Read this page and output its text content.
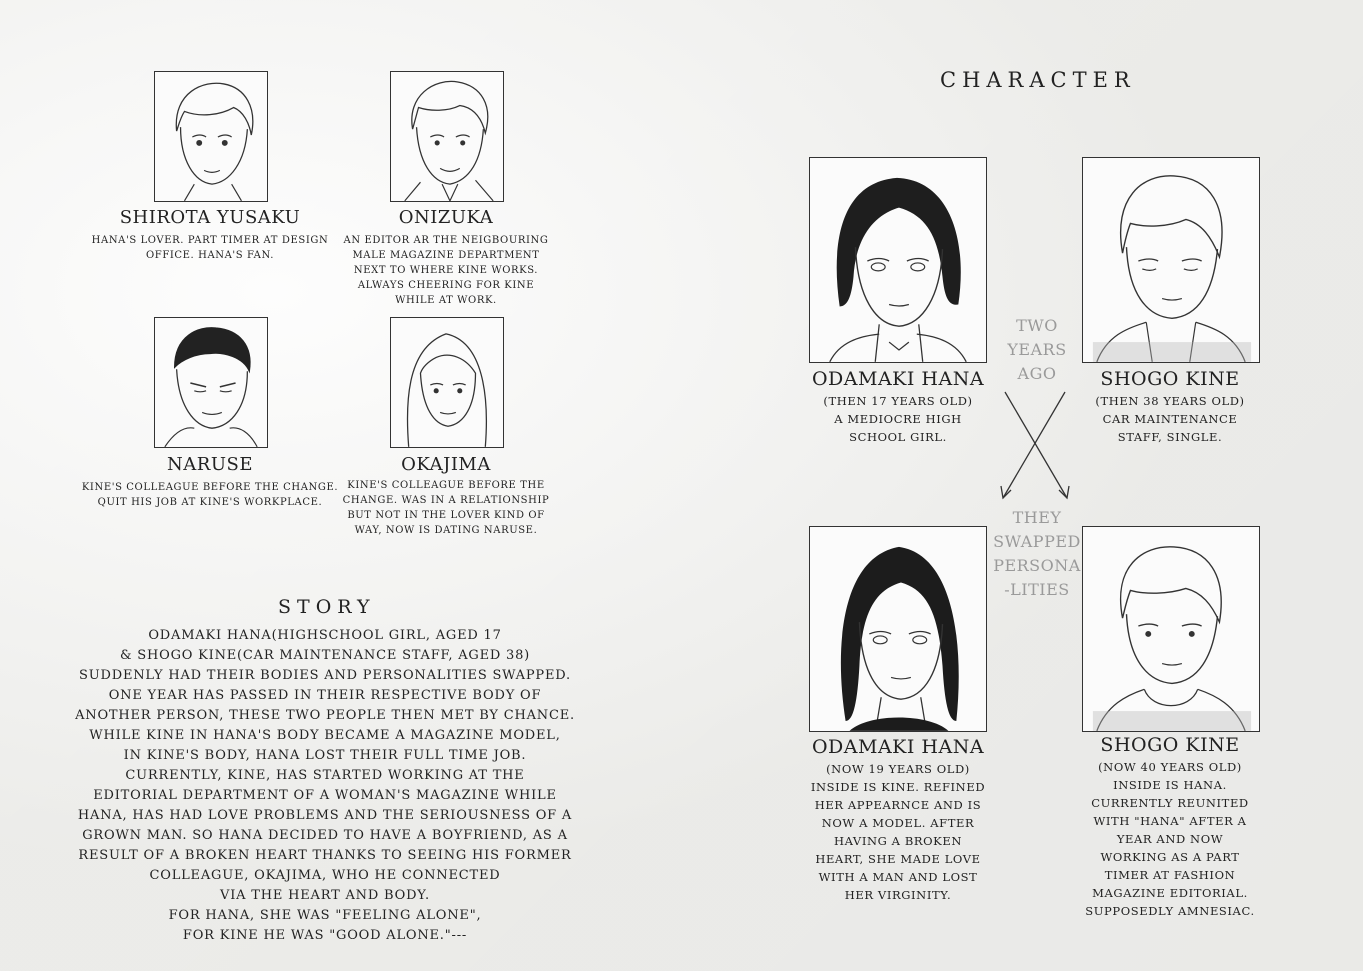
SHIROTA YUSAKU
HANA'S LOVER. PART TIMER AT DESIGN
OFFICE. HANA'S FAN.
ONIZUKA
AN EDITOR AR THE NEIGBOURING
MALE MAGAZINE DEPARTMENT
NEXT TO WHERE KINE WORKS.
ALWAYS CHEERING FOR KINE
WHILE AT WORK.
NARUSE
KINE'S COLLEAGUE BEFORE THE CHANGE.
QUIT HIS JOB AT KINE'S WORKPLACE.
OKAJIMA
KINE'S COLLEAGUE BEFORE THE
CHANGE. WAS IN A RELATIONSHIP
BUT NOT IN THE LOVER KIND OF
WAY, NOW IS DATING NARUSE.
STORY
ODAMAKI HANA(HIGHSCHOOL GIRL, AGED 17
& SHOGO KINE(CAR MAINTENANCE STAFF, AGED 38)
SUDDENLY HAD THEIR BODIES AND PERSONALITIES SWAPPED.
ONE YEAR HAS PASSED IN THEIR RESPECTIVE BODY OF
ANOTHER PERSON, THESE TWO PEOPLE THEN MET BY CHANCE.
WHILE KINE IN HANA'S BODY BECAME A MAGAZINE MODEL,
IN KINE'S BODY, HANA LOST THEIR FULL TIME JOB.
CURRENTLY, KINE, HAS STARTED WORKING AT THE
EDITORIAL DEPARTMENT OF A WOMAN'S MAGAZINE WHILE
HANA, HAS HAD LOVE PROBLEMS AND THE SERIOUSNESS OF A
GROWN MAN. SO HANA DECIDED TO HAVE A BOYFRIEND, AS A
RESULT OF A BROKEN HEART THANKS TO SEEING HIS FORMER
COLLEAGUE, OKAJIMA, WHO HE CONNECTED
VIA THE HEART AND BODY.
FOR HANA, SHE WAS "FEELING ALONE",
FOR KINE HE WAS "GOOD ALONE."---
CHARACTER
ODAMAKI HANA
(THEN 17 YEARS OLD)
A MEDIOCRE HIGH
SCHOOL GIRL.
SHOGO KINE
(THEN 38 YEARS OLD)
CAR MAINTENANCE
STAFF, SINGLE.
TWO
YEARS
AGO
THEY
SWAPPED
PERSONA
-LITIES
ODAMAKI HANA
(NOW 19 YEARS OLD)
INSIDE IS KINE. REFINED
HER APPEARNCE AND IS
NOW A MODEL. AFTER
HAVING A BROKEN
HEART, SHE MADE LOVE
WITH A MAN AND LOST
HER VIRGINITY.
SHOGO KINE
(NOW 40 YEARS OLD)
INSIDE IS HANA.
CURRENTLY REUNITED
WITH "HANA" AFTER A
YEAR AND NOW
WORKING AS A PART
TIMER AT FASHION
MAGAZINE EDITORIAL.
SUPPOSEDLY AMNESIAC.
